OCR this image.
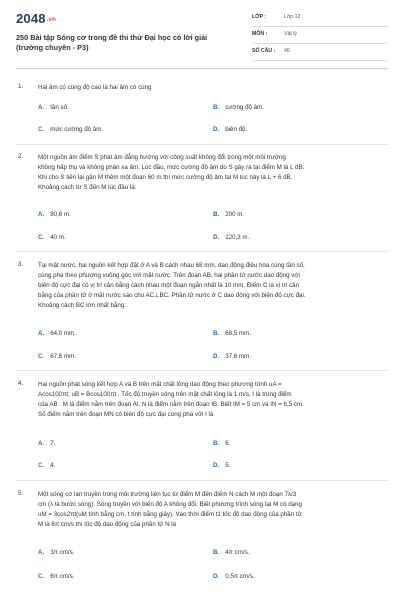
2048.vn
250 Bài tập Sóng cơ trong đề thi thử Đại học có lời giải (trường chuyên - P3)
LỚP :	Lớp 12
MÔN :	Vật lý
SỐ CÂU : 40
1. Hai âm có cùng độ cao là hai âm có cùng
A. tần số.	B. cường độ âm.
C. mức cường độ âm.	D. biên độ.
2. Một nguồn âm điểm S phát âm đẳng hướng với công suất không đổi trong một môi trường
không hấp thụ và không phản xạ âm. Lúc đầu, mức cường độ âm do S gây ra tại điểm M là L dB.
Khi cho S tiến lại gần M thêm một đoạn 60 m thì mức cường độ âm tại M lúc này là L + 6 dB.
Khoảng cách từ S đến M lúc đầu là:
A. 80,6 m.	B. 200 m.
C. 40 m.	D. 120,3 m.
3. Tại mặt nước, hai nguồn kết hợp đặt ở A và B cách nhau 68 mm, dao động điều hòa cùng tần số,
cùng pha theo phương vuông góc với mặt nước. Trên đoạn AB, hai phần tử nước dao động với
biên độ cực đại có vị trí cân bằng cách nhau một đoạn ngắn nhất là 10 mm. Điểm C là vị trí cân
bằng của phần tử ở mặt nước sao cho AC⊥BC. Phần tử nước ở C dao động với biên độ cực đại.
Khoảng cách BC lớn nhất bằng:
A. 64,0 mm.	B. 68,5 mm.
C. 67,6 mm.	D. 37,6 mm.
4. Hai nguồn phát sóng kết hợp A và B trên mặt chất lỏng dao động theo phương trình uA =
Acos100πt; uB = Bcos100πt . Tốc độ truyền sóng trên mặt chất lỏng là 1 m/s, I là trung điểm
của AB . M là điểm nằm trên đoạn AI, N là điểm nằm trên đoạn IB. Biết IM = 5 cm và IN = 6,5 cm.
Số điểm nằm trên đoạn MN có biên độ cực đại cùng pha với I là
A. 7.	B. 6.
C. 4.	D. 5.
5. Một sóng cơ lan truyền trong môi trường liên tục từ điểm M đến điểm N cách M một đoạn 7λ/3
cm (λ là bước sóng). Sóng truyền với biên độ A không đổi. Biết phương trình sóng tại M có dạng
uM = 3cos2πt(uM tính bằng cm, t tính bằng giây). Vào thời điểm t1 tốc độ dao động của phần tử
M là 6π cm/s thì tốc độ dao động của phần tử N là
A. 3π cm/s.	B. 4π cm/s.
C. 6π cm/s.	D. 0,5π cm/s.
